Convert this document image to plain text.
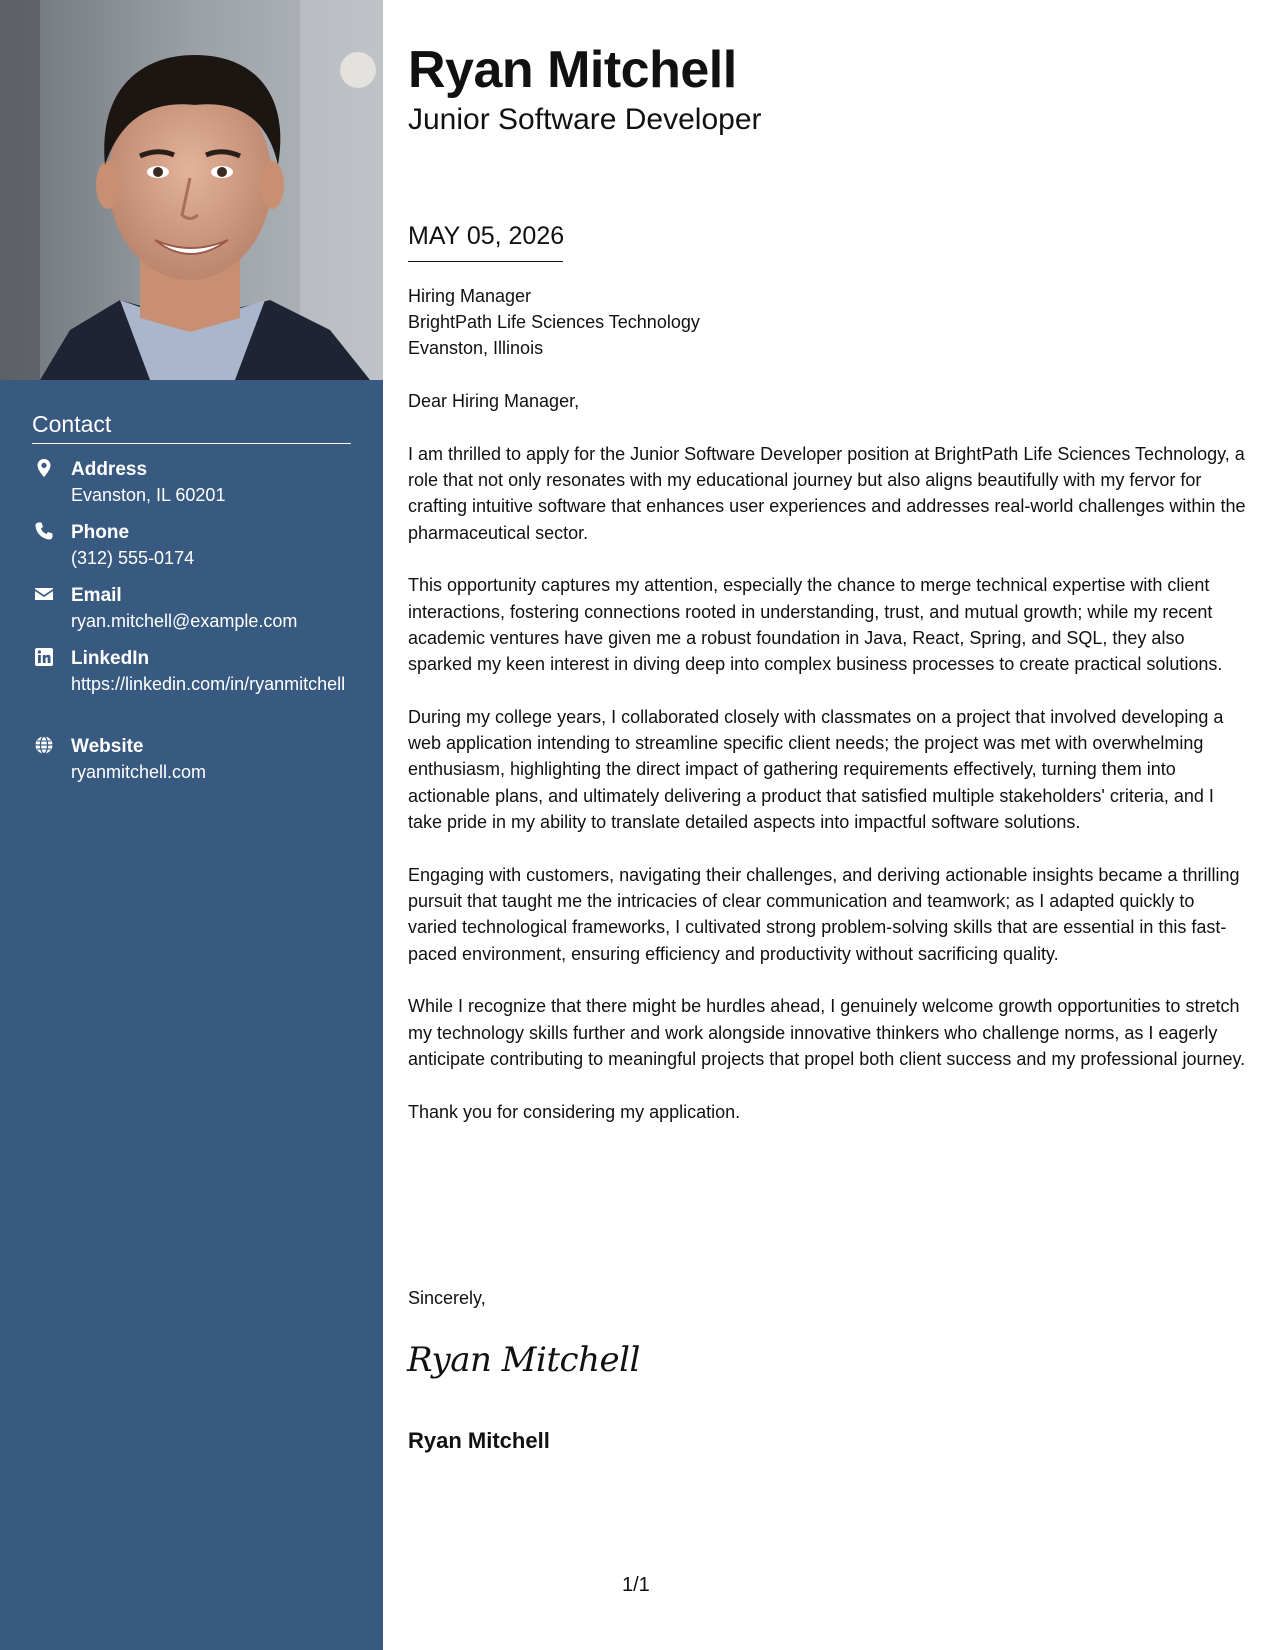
Contact
Address
Evanston, IL 60201
Phone
(312) 555-0174
Email
ryan.mitchell@example.com
LinkedIn
https://linkedin.com/in/ryanmitchell
Website
ryanmitchell.com
Ryan Mitchell
Junior Software Developer
MAY 05, 2026
Hiring Manager
BrightPath Life Sciences Technology
Evanston, Illinois

Dear Hiring Manager,

I am thrilled to apply for the Junior Software Developer position at BrightPath Life Sciences Technology, a role that not only resonates with my educational journey but also aligns beautifully with my fervor for crafting intuitive software that enhances user experiences and addresses real-world challenges within the pharmaceutical sector.

This opportunity captures my attention, especially the chance to merge technical expertise with client interactions, fostering connections rooted in understanding, trust, and mutual growth; while my recent academic ventures have given me a robust foundation in Java, React, Spring, and SQL, they also sparked my keen interest in diving deep into complex business processes to create practical solutions.

During my college years, I collaborated closely with classmates on a project that involved developing a web application intending to streamline specific client needs; the project was met with overwhelming enthusiasm, highlighting the direct impact of gathering requirements effectively, turning them into actionable plans, and ultimately delivering a product that satisfied multiple stakeholders' criteria, and I take pride in my ability to translate detailed aspects into impactful software solutions.

Engaging with customers, navigating their challenges, and deriving actionable insights became a thrilling pursuit that taught me the intricacies of clear communication and teamwork; as I adapted quickly to varied technological frameworks, I cultivated strong problem-solving skills that are essential in this fast-paced environment, ensuring efficiency and productivity without sacrificing quality.

While I recognize that there might be hurdles ahead, I genuinely welcome growth opportunities to stretch my technology skills further and work alongside innovative thinkers who challenge norms, as I eagerly anticipate contributing to meaningful projects that propel both client success and my professional journey.

Thank you for considering my application.

Sincerely,
Ryan Mitchell
Ryan Mitchell
1/1
